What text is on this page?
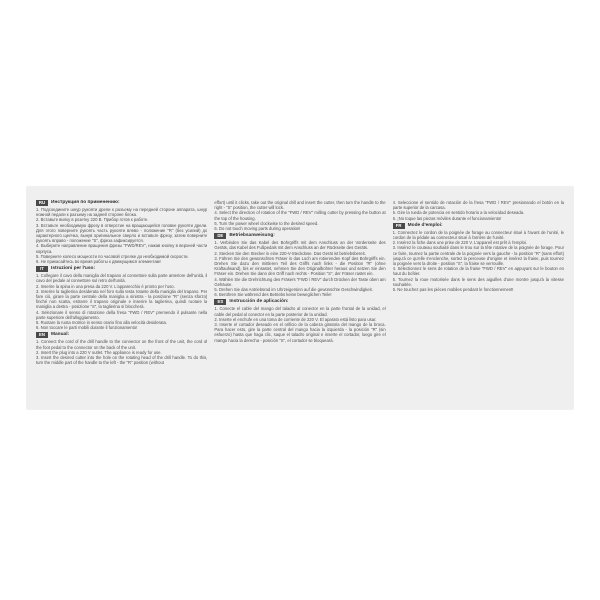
RU	Инструкция по применению:

1. Подсоедините шнур рукояти дрели к разъему на передней стороне аппарата, шнур ножной педали к разъему на задней стороне блока.

2. Вставьте вилку в розетку 220 В. Прибор готов к работе.

3. Вставьте необходимую фрезу в отверстие на вращающейся головке рукояти дрели. Для этого поверните рукоять часть рукояти влево - положение "R" (без усилий) до характерного щелчка, вынув оригинальное сверло и вставьте фрезу, затем поверните рукоять вправо - положение "S", фреза зафиксируется.

4. Выберите направление вращения фрезы "FWD/REV", нажав кнопку в верхней части корпуса.

5. Поверните колесо мощности по часовой стрелке до необходимой скорости.

6. Не прикасайтесь во время работы к движущимся элементам!

IT	Istruzioni per l'uso:

1. Collegare il cavo della maniglia del trapano al connettore sulla parte anteriore dell'unità, il cavo del pedale al connettore sul retro dell'unità.

2. Inserire la spina in una presa da 220 V. L'apparecchio è pronto per l'uso.

3. Inserire la taglierina desiderata nel foro sulla testa rotante della maniglia del trapano. Per fare ciò, girare la parte centrale della maniglia a sinistra - la posizione "R" (senza sforzo) finché non scatta, estrarre il trapano originale e inserire la taglierina, quindi ruotare la maniglia a destra - posizione "S", la taglierina si bloccherà.

4. Selezionare il senso di rotazione della fresa "FWD / REV" premendo il pulsante nella parte superiore dell'alloggiamento.

5. Ruotare la ruota motrice in senso orario fino alla velocità desiderata.

6. Non toccare le parti mobili durante il funzionamento!

EN	Manual:

1. Connect the cord of the drill handle to the connector on the front of the unit, the cord of the foot pedal to the connector on the back of the unit.

2. Insert the plug into a 220 V outlet. The appliance is ready for use.

3. Insert the desired cutter into the hole on the rotating head of the drill handle. To do this, turn the middle part of the handle to the left - the "R" position (without

effort) until it clicks, take out the original drill and insert the cutter, then turn the handle to the right - "S" position, the cutter will lock.

4. Select the direction of rotation of the "FWD / REV" milling cutter by pressing the button at the top of the housing.

5. Turn the power wheel clockwise to the desired speed.

6. Do not touch moving parts during operation!

DE	Betriebsanweisung:

1. Verbinden Sie das Kabel des Bohrgriffs mit dem Anschluss an der Vorderseite des Geräts, das Kabel des Fußpedals mit dem Anschluss an der Rückseite des Geräts.

2. Stecken Sie den Stecker in eine 220-V-Steckdose. Das Gerät ist betriebsbereit.

3. Führen Sie den gewünschten Fräser in das Loch am rotierenden Kopf des Bohrgriffs ein. Drehen Sie dazu den mittleren Teil des Griffs nach links - die Position "R" (ohne Kraftaufwand), bis er einrastet, nehmen Sie den Originalbohrer heraus und setzen Sie den Fräser ein. Drehen Sie dann den Griff nach rechts - Position "S", der Fräser rastet ein.

4. Wählen Sie die Drehrichtung des Fräsers "FWD / REV" durch Drücken der Taste oben am Gehäuse.

5. Drehen Sie das Antriebsrad im Uhrzeigersinn auf die gewünschte Geschwindigkeit.

6. Berühren Sie während des Betriebs keine beweglichen Teile!

ES	Instrucción de aplicación:

1. Conecte el cable del mango del taladro al conector en la parte frontal de la unidad, el cable del pedal al conector en la parte posterior de la unidad.

2. Inserte el enchufe en una toma de corriente de 220 V. El aparato está listo para usar.

3. Inserte el cortador deseado en el orificio de la cabeza giratoria del mango de la broca. Para hacer esto, gire la parte central del mango hacia la izquierda - la posición "R" (sin esfuerzo) hasta que haga clic, saque el taladro original e inserte el cortador, luego gire el mango hacia la derecha - posición "S", el cortador se bloqueará.

4. Seleccione el sentido de rotación de la fresa "FWD / REV" presionando el botón en la parte superior de la carcasa.

5. Gire la rueda de potencia en sentido horario a la velocidad deseada.

6. ¡No toque las piezas móviles durante el funcionamiento!

FR	Mode d'emploi:

1. Connectez le cordon de la poignée de forage au connecteur situé à l'avant de l'unité, le cordon de la pédale au connecteur situé à l'arrière de l'unité.

2. Insérez la fiche dans une prise de 220 V. L'appareil est prêt à l'emploi.

3. Insérez le couteau souhaité dans le trou sur la tête rotative de la poignée de forage. Pour ce faire, tournez la partie centrale de la poignée vers la gauche - la position "R" (sans effort) jusqu'à ce qu'elle s'enclenche, sortez la perceuse d'origine et insérez la fraise, puis tournez la poignée vers la droite - position "S", la fraise se verrouille.

4. Sélectionnez le sens de rotation de la fraise "FWD / REV" en appuyant sur le bouton en haut du boîtier.

5. Tournez la roue motorisée dans le sens des aiguilles d'une montre jusqu'à la vitesse souhaitée.

6. Ne touchez pas les pièces mobiles pendant le fonctionnement!
